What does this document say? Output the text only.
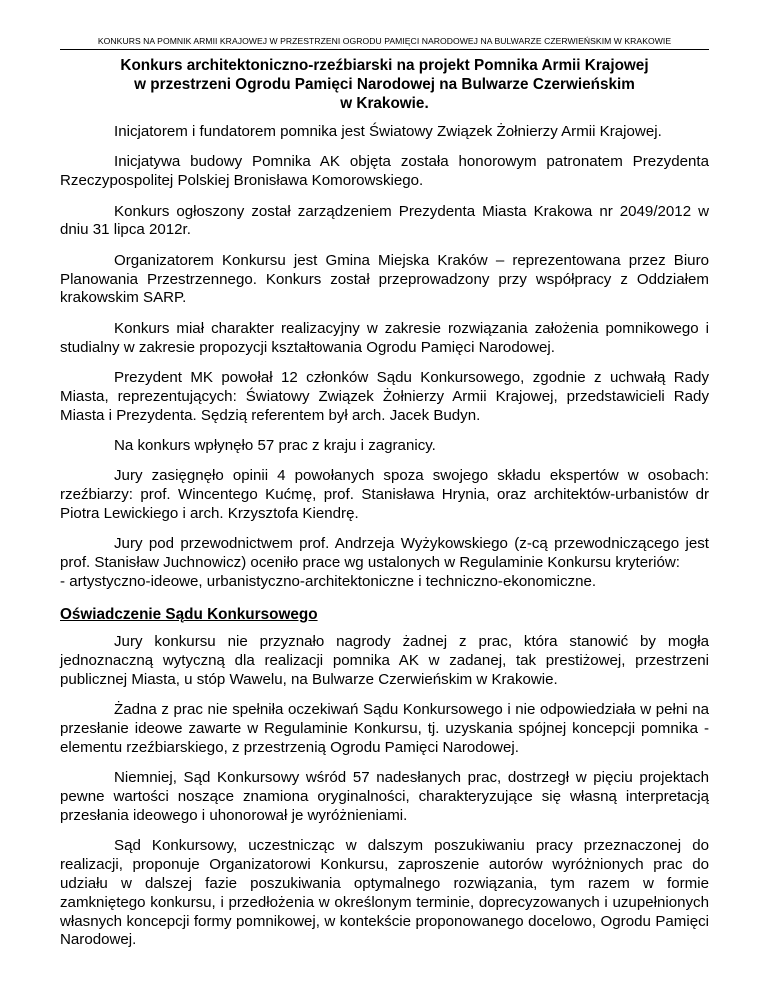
KONKURS NA POMNIK ARMII KRAJOWEJ W PRZESTRZENI OGRODU PAMIĘCI NARODOWEJ NA BULWARZE CZERWIEŃSKIM W KRAKOWIE
Konkurs architektoniczno-rzeźbiarski na projekt Pomnika Armii Krajowej
w przestrzeni Ogrodu Pamięci Narodowej na Bulwarze Czerwieńskim
w Krakowie.

Inicjatorem i fundatorem pomnika jest Światowy Związek Żołnierzy Armii Krajowej.

Inicjatywa budowy Pomnika AK objęta została honorowym patronatem Prezydenta Rzeczypospolitej Polskiej Bronisława Komorowskiego.

Konkurs ogłoszony został zarządzeniem Prezydenta Miasta Krakowa nr 2049/2012 w dniu 31 lipca 2012r.

Organizatorem Konkursu jest Gmina Miejska Kraków – reprezentowana przez Biuro Planowania Przestrzennego. Konkurs został przeprowadzony przy współpracy z Oddziałem krakowskim SARP.

Konkurs miał charakter realizacyjny w zakresie rozwiązania założenia pomnikowego i studialny w zakresie propozycji kształtowania Ogrodu Pamięci Narodowej.

Prezydent MK powołał 12 członków Sądu Konkursowego, zgodnie z uchwałą Rady Miasta, reprezentujących: Światowy Związek Żołnierzy Armii Krajowej, przedstawicieli Rady Miasta i Prezydenta. Sędzią referentem był arch. Jacek Budyn.

Na konkurs wpłynęło 57 prac z kraju i zagranicy.

Jury zasięgnęło opinii 4 powołanych spoza swojego składu ekspertów w osobach: rzeźbiarzy: prof. Wincentego Kućmę, prof. Stanisława Hrynia, oraz architektów-urbanistów dr Piotra Lewickiego i arch. Krzysztofa Kiendrę.

Jury pod przewodnictwem prof. Andrzeja Wyżykowskiego (z-cą przewodniczącego jest prof. Stanisław Juchnowicz) oceniło prace wg ustalonych w Regulaminie Konkursu kryteriów:

- artystyczno-ideowe, urbanistyczno-architektoniczne i techniczno-ekonomiczne.

Oświadczenie Sądu Konkursowego

Jury konkursu nie przyznało nagrody żadnej z prac, która stanowić by mogła jednoznaczną wytyczną dla realizacji pomnika AK w zadanej, tak prestiżowej, przestrzeni publicznej Miasta, u stóp Wawelu, na Bulwarze Czerwieńskim w Krakowie.

Żadna z prac nie spełniła oczekiwań Sądu Konkursowego i nie odpowiedziała w pełni na przesłanie ideowe zawarte w Regulaminie Konkursu, tj. uzyskania spójnej koncepcji pomnika - elementu rzeźbiarskiego, z przestrzenią Ogrodu Pamięci Narodowej.

Niemniej, Sąd Konkursowy wśród 57 nadesłanych prac, dostrzegł w pięciu projektach pewne wartości noszące znamiona oryginalności, charakteryzujące się własną interpretacją przesłania ideowego i uhonorował je wyróżnieniami.

Sąd Konkursowy, uczestnicząc w dalszym poszukiwaniu pracy przeznaczonej do realizacji, proponuje Organizatorowi Konkursu, zaproszenie autorów wyróżnionych prac do udziału w dalszej fazie poszukiwania optymalnego rozwiązania, tym razem w formie zamkniętego konkursu, i przedłożenia w określonym terminie, doprecyzowanych i uzupełnionych własnych koncepcji formy pomnikowej, w kontekście proponowanego docelowo, Ogrodu Pamięci Narodowej.
